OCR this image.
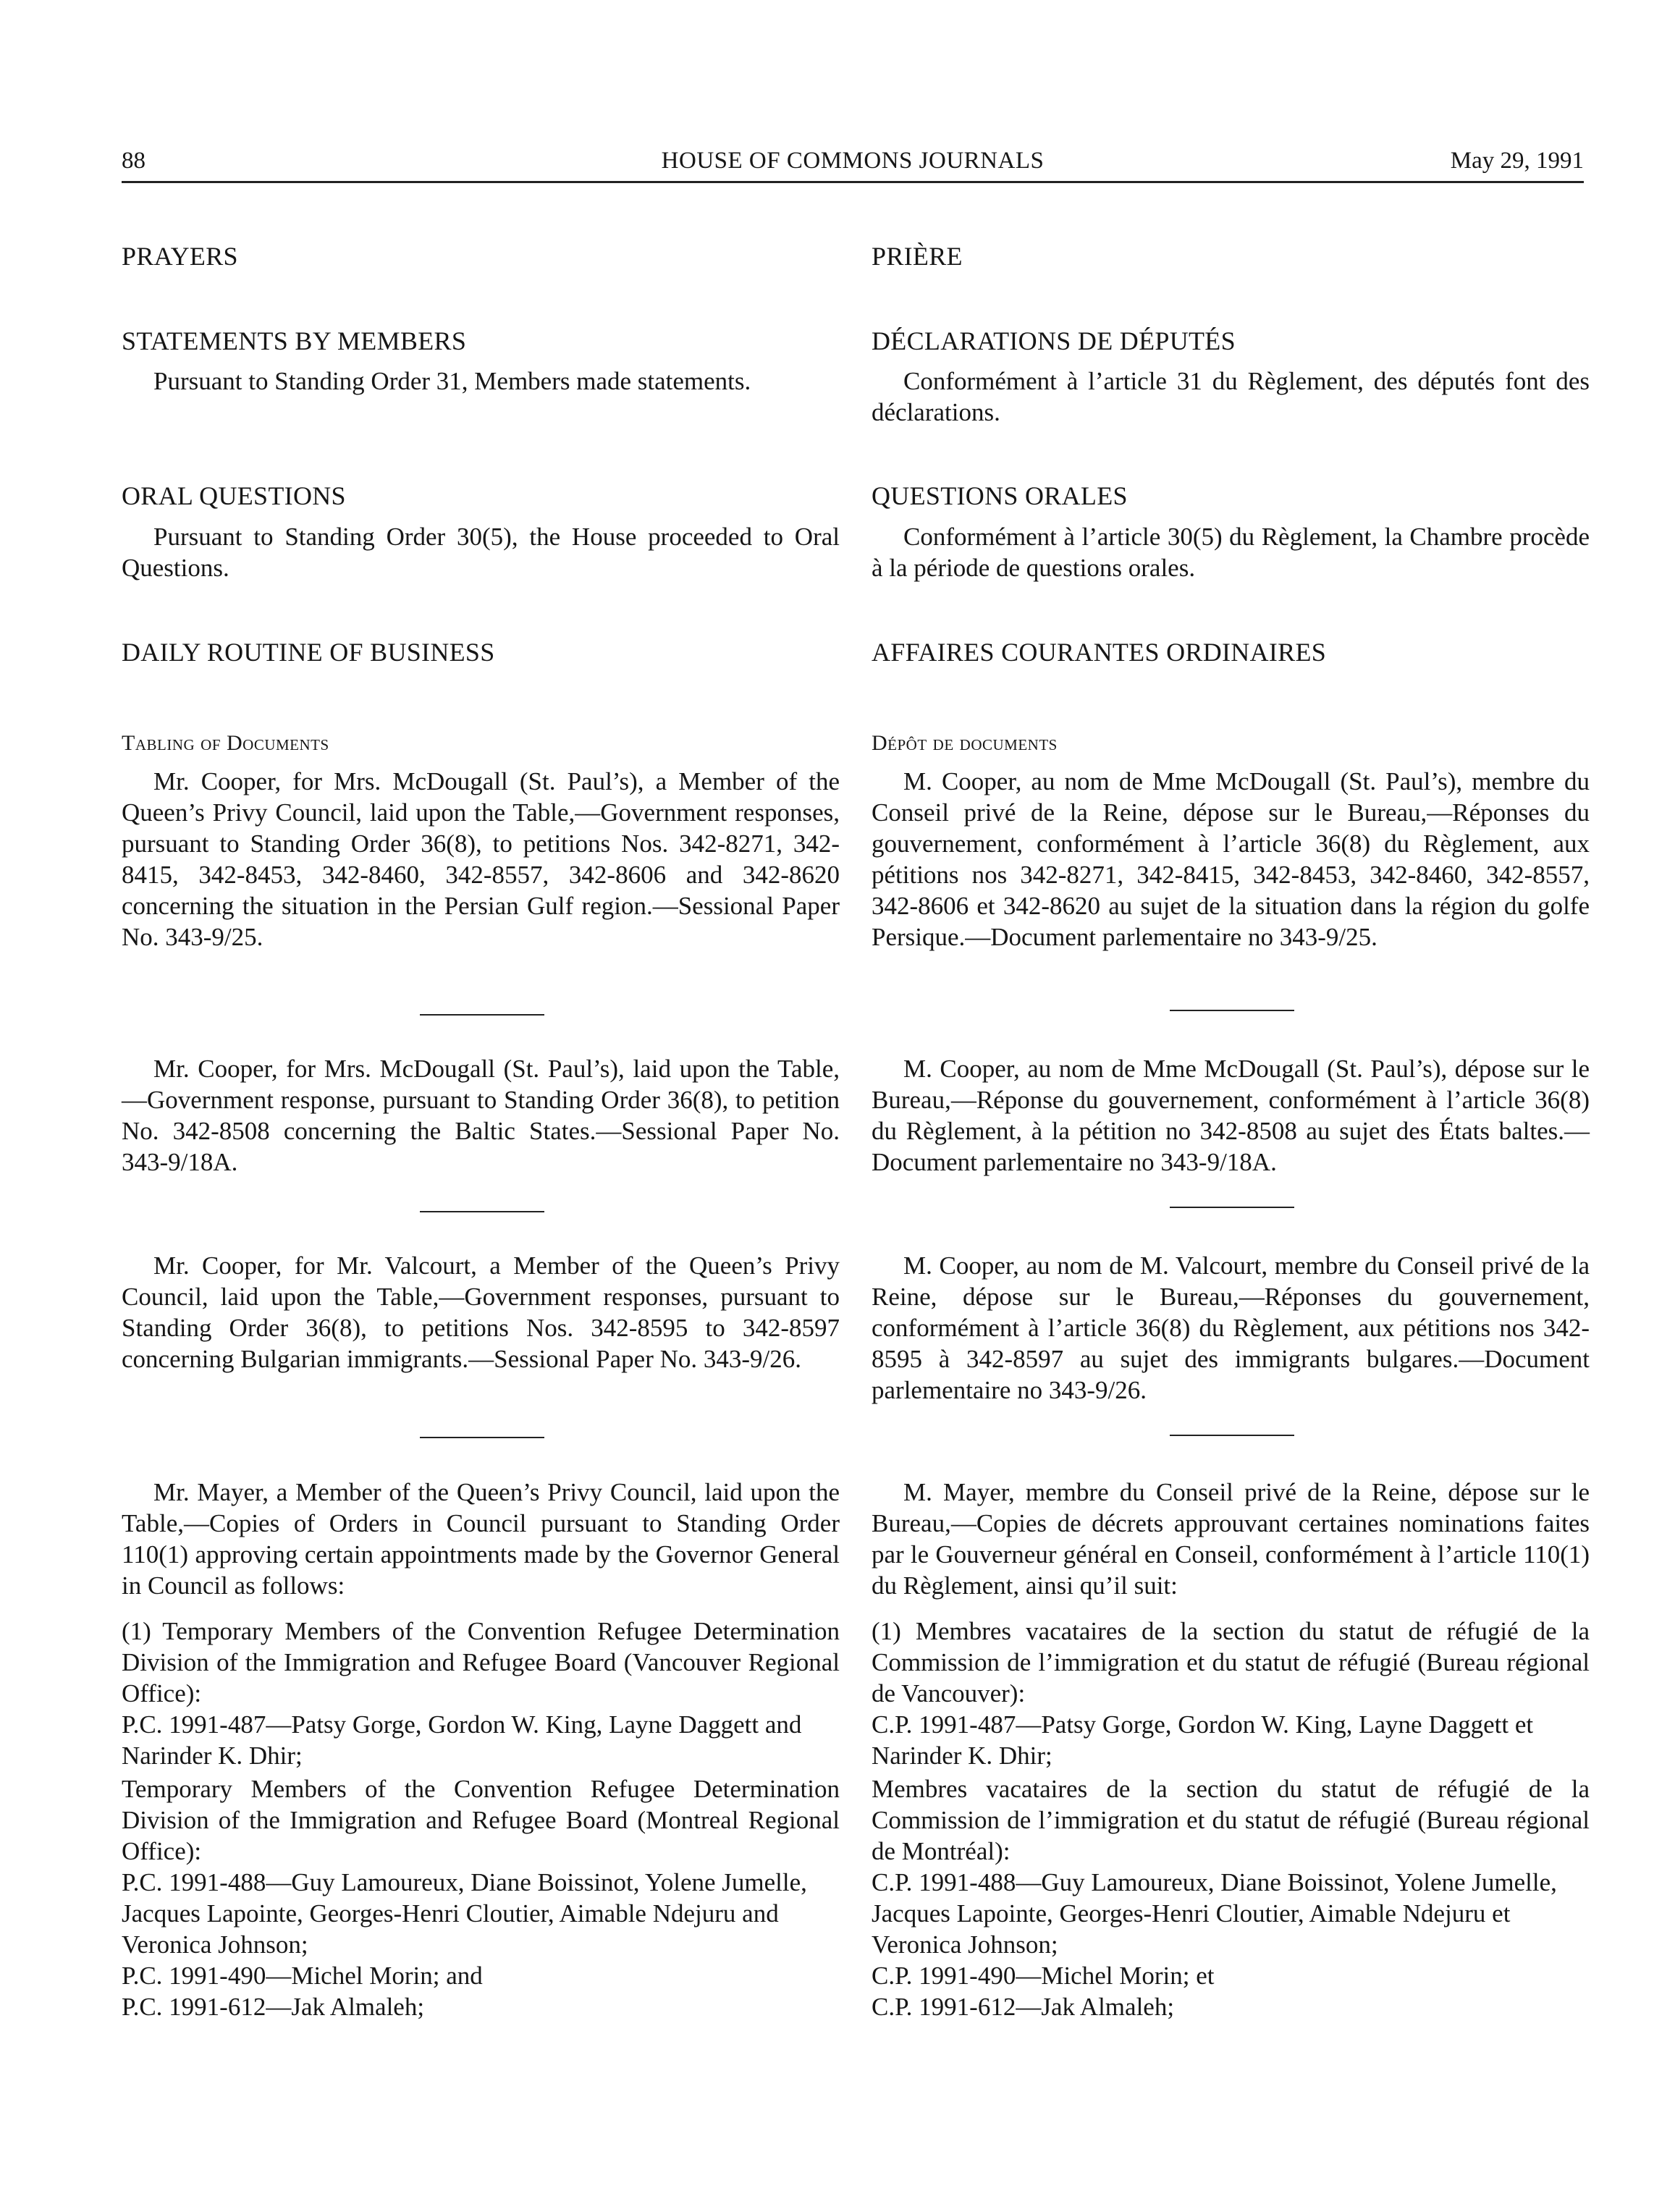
88	HOUSE OF COMMONS JOURNALS	May 29, 1991
PRAYERS
STATEMENTS BY MEMBERS

Pursuant to Standing Order 31, Members made statements.

ORAL QUESTIONS

Pursuant to Standing Order 30(5), the House proceeded to Oral Questions.

DAILY ROUTINE OF BUSINESS
Tabling of Documents

Mr. Cooper, for Mrs. McDougall (St. Paul’s), a Member of the Queen’s Privy Council, laid upon the Table,—Government responses, pursuant to Standing Order 36(8), to petitions Nos. 342-8271, 342-8415, 342-8453, 342-8460, 342-8557, 342-8606 and 342-8620 concerning the situation in the Persian Gulf region.—Sessional Paper No. 343-9/25.

Mr. Cooper, for Mrs. McDougall (St. Paul’s), laid upon the Table,—Government response, pursuant to Standing Order 36(8), to petition No. 342-8508 concerning the Baltic States.—Sessional Paper No. 343-9/18A.

Mr. Cooper, for Mr. Valcourt, a Member of the Queen’s Privy Council, laid upon the Table,—Government responses, pursuant to Standing Order 36(8), to petitions Nos. 342-8595 to 342-8597 concerning Bulgarian immigrants.—Sessional Paper No. 343-9/26.

Mr. Mayer, a Member of the Queen’s Privy Council, laid upon the Table,—Copies of Orders in Council pursuant to Standing Order 110(1) approving certain appointments made by the Governor General in Council as follows:

(1) Temporary Members of the Convention Refugee Determination Division of the Immigration and Refugee Board (Vancouver Regional Office):

P.C. 1991-487—Patsy Gorge, Gordon W. King, Layne Daggett and Narinder K. Dhir;

Temporary Members of the Convention Refugee Determination Division of the Immigration and Refugee Board (Montreal Regional Office):

P.C. 1991-488—Guy Lamoureux, Diane Boissinot, Yolene Jumelle, Jacques Lapointe, Georges-Henri Cloutier, Aimable Ndejuru and Veronica Johnson;

P.C. 1991-490—Michel Morin; and

P.C. 1991-612—Jak Almaleh;

PRIÈRE
DÉCLARATIONS DE DÉPUTÉS

Conformément à l’article 31 du Règlement, des députés font des déclarations.

QUESTIONS ORALES

Conformément à l’article 30(5) du Règlement, la Chambre procède à la période de questions orales.

AFFAIRES COURANTES ORDINAIRES
Dépôt de documents

M. Cooper, au nom de Mme McDougall (St. Paul’s), membre du Conseil privé de la Reine, dépose sur le Bureau,—Réponses du gouvernement, conformément à l’article 36(8) du Règlement, aux pétitions nos 342-8271, 342-8415, 342-8453, 342-8460, 342-8557, 342-8606 et 342-8620 au sujet de la situation dans la région du golfe Persique.—Document parlementaire no 343-9/25.

M. Cooper, au nom de Mme McDougall (St. Paul’s), dépose sur le Bureau,—Réponse du gouvernement, conformément à l’article 36(8) du Règlement, à la pétition no 342-8508 au sujet des États baltes.—Document parlementaire no 343-9/18A.

M. Cooper, au nom de M. Valcourt, membre du Conseil privé de la Reine, dépose sur le Bureau,—Réponses du gouvernement, conformément à l’article 36(8) du Règlement, aux pétitions nos 342-8595 à 342-8597 au sujet des immigrants bulgares.—Document parlementaire no 343-9/26.

M. Mayer, membre du Conseil privé de la Reine, dépose sur le Bureau,—Copies de décrets approuvant certaines nominations faites par le Gouverneur général en Conseil, conformément à l’article 110(1) du Règlement, ainsi qu’il suit:

(1) Membres vacataires de la section du statut de réfugié de la Commission de l’immigration et du statut de réfugié (Bureau régional de Vancouver):

C.P. 1991-487—Patsy Gorge, Gordon W. King, Layne Daggett et Narinder K. Dhir;

Membres vacataires de la section du statut de réfugié de la Commission de l’immigration et du statut de réfugié (Bureau régional de Montréal):

C.P. 1991-488—Guy Lamoureux, Diane Boissinot, Yolene Jumelle, Jacques Lapointe, Georges-Henri Cloutier, Aimable Ndejuru et Veronica Johnson;

C.P. 1991-490—Michel Morin; et

C.P. 1991-612—Jak Almaleh;
